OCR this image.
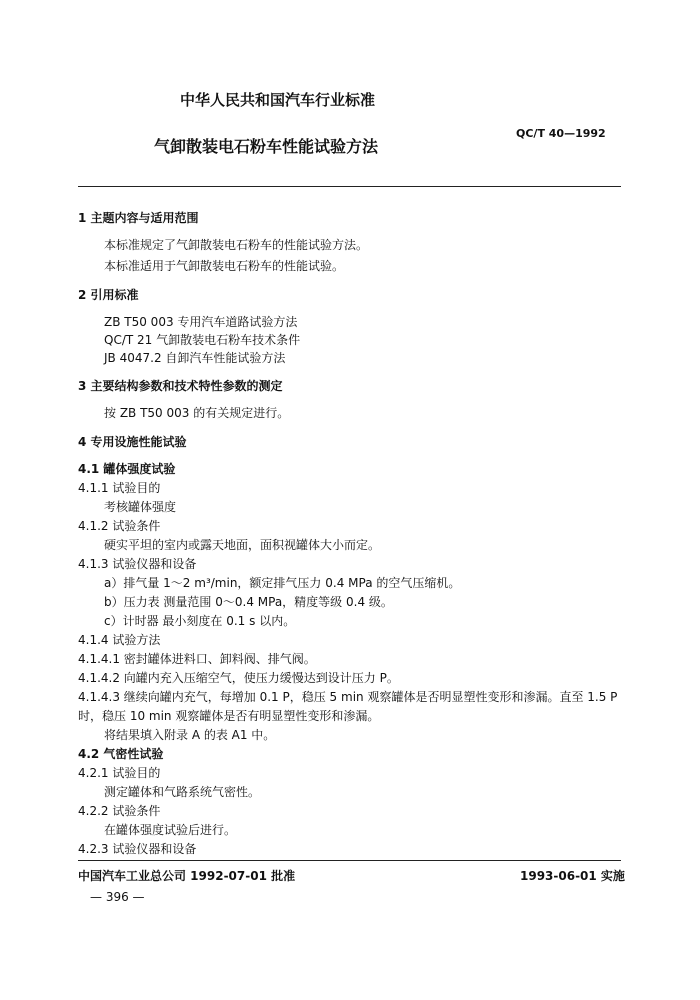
中华人民共和国汽车行业标准
QC/T 40—1992
气卸散装电石粉车性能试验方法
1 主题内容与适用范围
本标准规定了气卸散装电石粉车的性能试验方法。
本标准适用于气卸散装电石粉车的性能试验。
2 引用标准
ZB T50 003 专用汽车道路试验方法
QC/T 21 气卸散装电石粉车技术条件
JB 4047.2 自卸汽车性能试验方法
3 主要结构参数和技术特性参数的测定
按 ZB T50 003 的有关规定进行。
4 专用设施性能试验
4.1 罐体强度试验
4.1.1 试验目的
考核罐体强度
4.1.2 试验条件
硬实平坦的室内或露天地面，面积视罐体大小而定。
4.1.3 试验仪器和设备
a）排气量 1～2 m³/min，额定排气压力 0.4 MPa 的空气压缩机。
b）压力表 测量范围 0～0.4 MPa，精度等级 0.4 级。
c）计时器 最小刻度在 0.1 s 以内。
4.1.4 试验方法
4.1.4.1 密封罐体进料口、卸料阀、排气阀。
4.1.4.2 向罐内充入压缩空气，使压力缓慢达到设计压力 P。
4.1.4.3 继续向罐内充气，每增加 0.1 P，稳压 5 min 观察罐体是否明显塑性变形和渗漏。直至 1.5 P
时，稳压 10 min 观察罐体是否有明显塑性变形和渗漏。
将结果填入附录 A 的表 A1 中。
4.2 气密性试验
4.2.1 试验目的
测定罐体和气路系统气密性。
4.2.2 试验条件
在罐体强度试验后进行。
4.2.3 试验仪器和设备
中国汽车工业总公司 1992-07-01 批准	1993-06-01 实施
— 396 —
